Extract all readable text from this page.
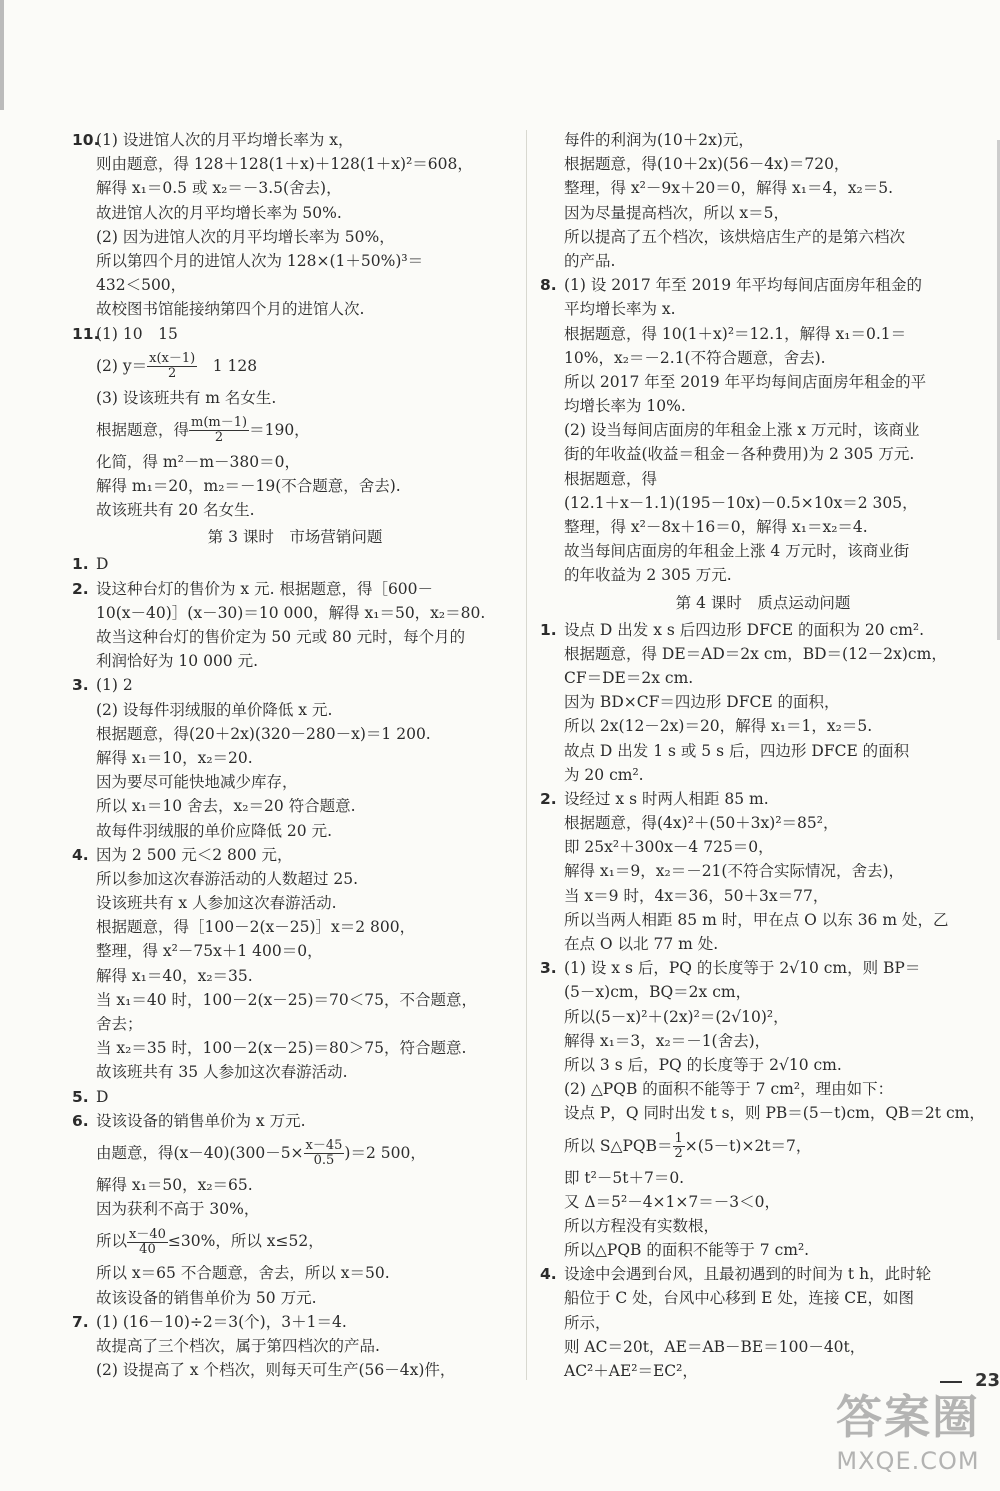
10.(1) 设进馆人次的月平均增长率为 x，
则由题意，得 128＋128(1＋x)＋128(1＋x)²＝608，
解得 x₁＝0.5 或 x₂＝－3.5(舍去)，
故进馆人次的月平均增长率为 50%.
(2) 因为进馆人次的月平均增长率为 50%，
所以第四个月的进馆人次为 128×(1＋50%)³＝
432＜500，
故校图书馆能接纳第四个月的进馆人次.
11.(1) 10　15
(2) $y= \frac{x(x-1)}{2}$ 　1 128
(3) 设该班共有 m 名女生.
根据题意，得 $\frac{m(m-1)}{2} =190$，
化简，得 m²－m－380＝0，
解得 m₁＝20，m₂＝－19(不合题意，舍去).
故该班共有 20 名女生.
第 3 课时　市场营销问题
1. D
2. 设这种台灯的售价为 x 元. 根据题意，得［600－
10(x－40)］(x－30)＝10 000，解得 x₁＝50，x₂＝80.
故当这种台灯的售价定为 50 元或 80 元时，每个月的
利润恰好为 10 000 元.
3. (1) 2
(2) 设每件羽绒服的单价降低 x 元.
根据题意，得(20＋2x)(320－280－x)＝1 200.
解得 x₁＝10，x₂＝20.
因为要尽可能快地减少库存，
所以 x₁＝10 舍去，x₂＝20 符合题意.
故每件羽绒服的单价应降低 20 元.
4. 因为 2 500 元＜2 800 元，
所以参加这次春游活动的人数超过 25.
设该班共有 x 人参加这次春游活动.
根据题意，得［100－2(x－25)］x＝2 800，
整理，得 x²－75x＋1 400＝0，
解得 x₁＝40，x₂＝35.
当 x₁＝40 时，100－2(x－25)＝70＜75，不合题意，
舍去；
当 x₂＝35 时，100－2(x－25)＝80＞75，符合题意.
故该班共有 35 人参加这次春游活动.
5. D
6. 设该设备的销售单价为 x 万元.
由题意，得$(x-40)(300-5\times \frac{x-45}{0.5} )=2$ 500，
解得 x₁＝50，x₂＝65.
因为获利不高于 30%，
所以 $\frac{x-40}{40} \le 30\%$，所以 x≤52，
所以 x＝65 不合题意，舍去，所以 x＝50.
故该设备的销售单价为 50 万元.
7. (1) (16－10)÷2＝3(个)，3＋1＝4.
故提高了三个档次，属于第四档次的产品.
(2) 设提高了 x 个档次，则每天可生产(56－4x)件，
每件的利润为(10＋2x)元，
根据题意，得(10＋2x)(56－4x)＝720，
整理，得 x²－9x＋20＝0，解得 x₁＝4，x₂＝5.
因为尽量提高档次，所以 x＝5，
所以提高了五个档次，该烘焙店生产的是第六档次
的产品.
8. (1) 设 2017 年至 2019 年平均每间店面房年租金的
平均增长率为 x.
根据题意，得 10(1＋x)²＝12.1，解得 x₁＝0.1＝
10%，x₂＝－2.1(不符合题意，舍去).
所以 2017 年至 2019 年平均每间店面房年租金的平
均增长率为 10%.
(2) 设当每间店面房的年租金上涨 x 万元时，该商业
街的年收益(收益＝租金－各种费用)为 2 305 万元.
根据题意，得
(12.1＋x－1.1)(195－10x)－0.5×10x＝2 305，
整理，得 x²－8x＋16＝0，解得 x₁＝x₂＝4.
故当每间店面房的年租金上涨 4 万元时，该商业街
的年收益为 2 305 万元.
第 4 课时　质点运动问题
1. 设点 D 出发 x s 后四边形 DFCE 的面积为 20 cm².
根据题意，得 DE＝AD＝2x cm，BD＝(12－2x)cm，
CF＝DE＝2x cm.
因为 BD×CF＝四边形 DFCE 的面积，
所以 2x(12－2x)＝20，解得 x₁＝1，x₂＝5.
故点 D 出发 1 s 或 5 s 后，四边形 DFCE 的面积
为 20 cm².
2. 设经过 x s 时两人相距 85 m.
根据题意，得(4x)²＋(50＋3x)²＝85²，
即 25x²＋300x－4 725＝0，
解得 x₁＝9，x₂＝－21(不符合实际情况，舍去)，
当 x＝9 时，4x＝36，50＋3x＝77，
所以当两人相距 85 m 时，甲在点 O 以东 36 m 处，乙
在点 O 以北 77 m 处.
3. (1) 设 x s 后，PQ 的长度等于 2√10 cm，则 BP＝
(5－x)cm，BQ＝2x cm，
所以(5－x)²＋(2x)²＝(2√10)²，
解得 x₁＝3，x₂＝－1(舍去)，
所以 3 s 后，PQ 的长度等于 2√10 cm.
(2) △PQB 的面积不能等于 7 cm²，理由如下：
设点 P，Q 同时出发 t s，则 PB＝(5－t)cm，QB＝2t cm，
所以 S△PQB＝ $\frac{1}{2} \times(5-t)\times 2t=7$，
即 t²－5t＋7＝0.
又 Δ＝5²－4×1×7＝－3＜0，
所以方程没有实数根，
所以△PQB 的面积不能等于 7 cm².
4. 设途中会遇到台风，且最初遇到的时间为 t h，此时轮
船位于 C 处，台风中心移到 E 处，连接 CE，如图
所示，
则 AC＝20t，AE＝AB－BE＝100－40t，
AC²＋AE²＝EC²，	23
答案圈
MXQE.COM
